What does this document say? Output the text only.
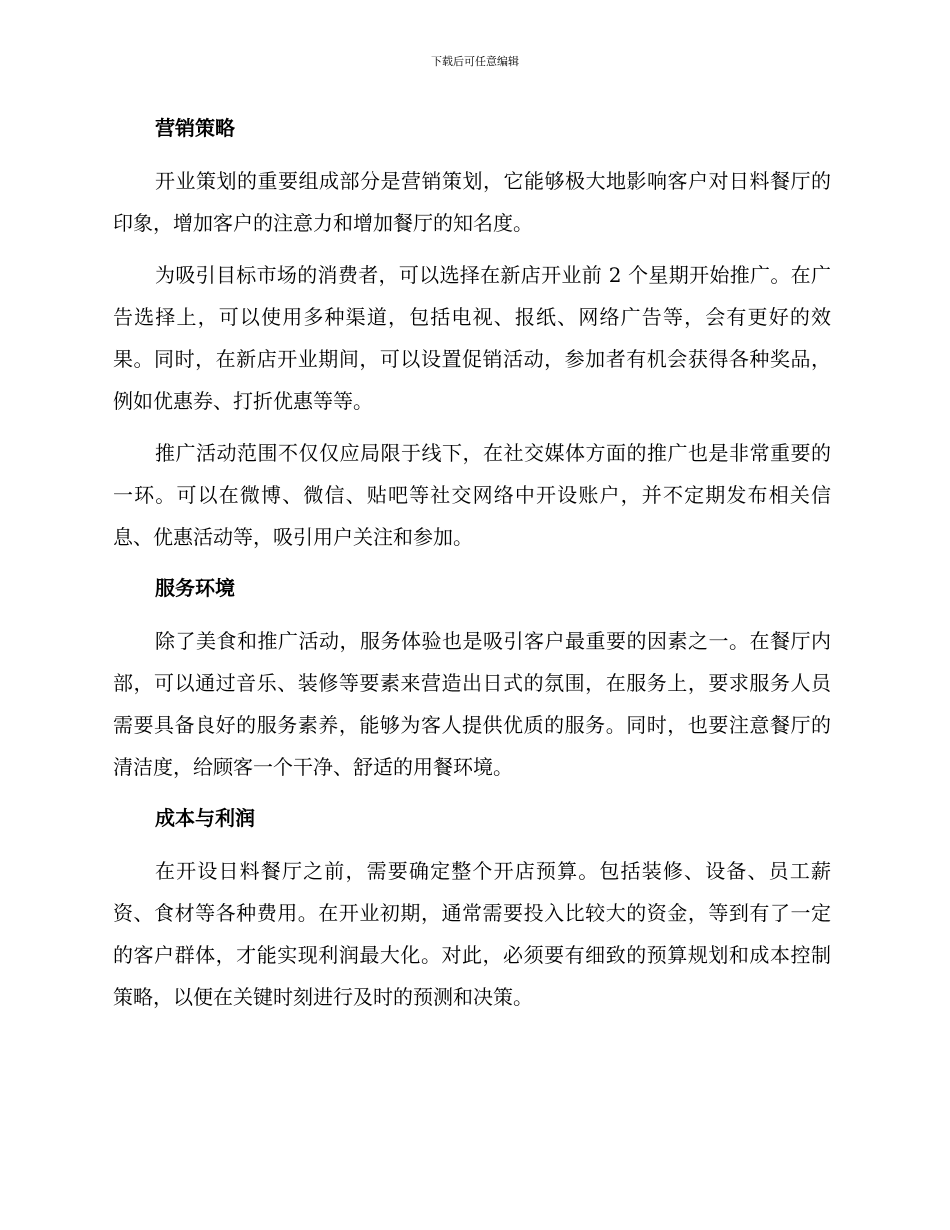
下载后可任意编辑
营销策略

开业策划的重要组成部分是营销策划，它能够极大地影响客户对日料餐厅的印象，增加客户的注意力和增加餐厅的知名度。

为吸引目标市场的消费者，可以选择在新店开业前 2 个星期开始推广。在广告选择上，可以使用多种渠道，包括电视、报纸、网络广告等，会有更好的效果。同时，在新店开业期间，可以设置促销活动，参加者有机会获得各种奖品，例如优惠券、打折优惠等等。

推广活动范围不仅仅应局限于线下，在社交媒体方面的推广也是非常重要的一环。可以在微博、微信、贴吧等社交网络中开设账户，并不定期发布相关信息、优惠活动等，吸引用户关注和参加。

服务环境

除了美食和推广活动，服务体验也是吸引客户最重要的因素之一。在餐厅内部，可以通过音乐、装修等要素来营造出日式的氛围，在服务上，要求服务人员需要具备良好的服务素养，能够为客人提供优质的服务。同时，也要注意餐厅的清洁度，给顾客一个干净、舒适的用餐环境。

成本与利润

在开设日料餐厅之前，需要确定整个开店预算。包括装修、设备、员工薪资、食材等各种费用。在开业初期，通常需要投入比较大的资金，等到有了一定的客户群体，才能实现利润最大化。对此，必须要有细致的预算规划和成本控制策略，以便在关键时刻进行及时的预测和决策。
